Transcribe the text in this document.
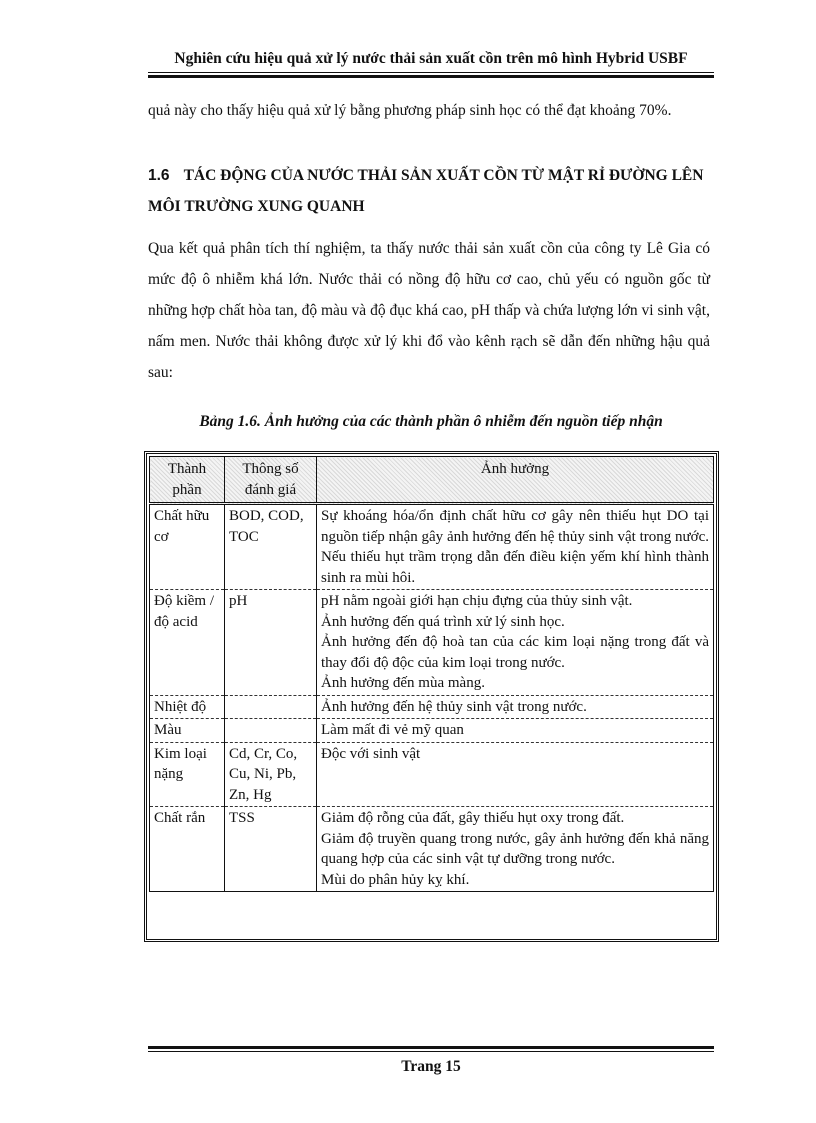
Nghiên cứu hiệu quả xử lý nước thải sản xuất cồn trên mô hình Hybrid USBF

quả này cho thấy hiệu quả xử lý bằng phương pháp sinh học có thể đạt khoảng 70%.

1.6 TÁC ĐỘNG CỦA NƯỚC THẢI SẢN XUẤT CỒN TỪ MẬT RỈ ĐƯỜNG LÊN MÔI TRƯỜNG XUNG QUANH

Qua kết quả phân tích thí nghiệm, ta thấy nước thải sản xuất cồn của công ty Lê Gia có mức độ ô nhiễm khá lớn. Nước thải có nồng độ hữu cơ cao, chủ yếu có nguồn gốc từ những hợp chất hòa tan, độ màu và độ đục khá cao, pH thấp và chứa lượng lớn vi sinh vật, nấm men. Nước thải không được xử lý khi đổ vào kênh rạch sẽ dẫn đến những hậu quả sau:

Bảng 1.6. Ảnh hưởng của các thành phần ô nhiễm đến nguồn tiếp nhận

Thành phần	Thông số đánh giá	Ảnh hưởng
Chất hữu cơ	BOD, COD, TOC	Sự khoáng hóa/ổn định chất hữu cơ gây nên thiếu hụt DO tại nguồn tiếp nhận gây ảnh hưởng đến hệ thủy sinh vật trong nước. Nếu thiếu hụt trầm trọng dẫn đến điều kiện yếm khí hình thành sinh ra mùi hôi.

Độ kiềm / độ acid	pH	pH nằm ngoài giới hạn chịu đựng của thủy sinh vật.
Ảnh hưởng đến quá trình xử lý sinh học.
Ảnh hưởng đến độ hoà tan của các kim loại nặng trong đất và thay đổi độ độc của kim loại trong nước.
Ảnh hưởng đến mùa màng.

Nhiệt độ		Ảnh hưởng đến hệ thủy sinh vật trong nước.

Màu		Làm mất đi vẻ mỹ quan

Kim loại nặng	Cd, Cr, Co, Cu, Ni, Pb, Zn, Hg	Độc với sinh vật

Chất rắn	TSS	Giảm độ rỗng của đất, gây thiếu hụt oxy trong đất.
Giảm độ truyền quang trong nước, gây ảnh hưởng đến khả năng quang hợp của các sinh vật tự dưỡng trong nước.
Mùi do phân hủy kỵ khí.
Trang 15
